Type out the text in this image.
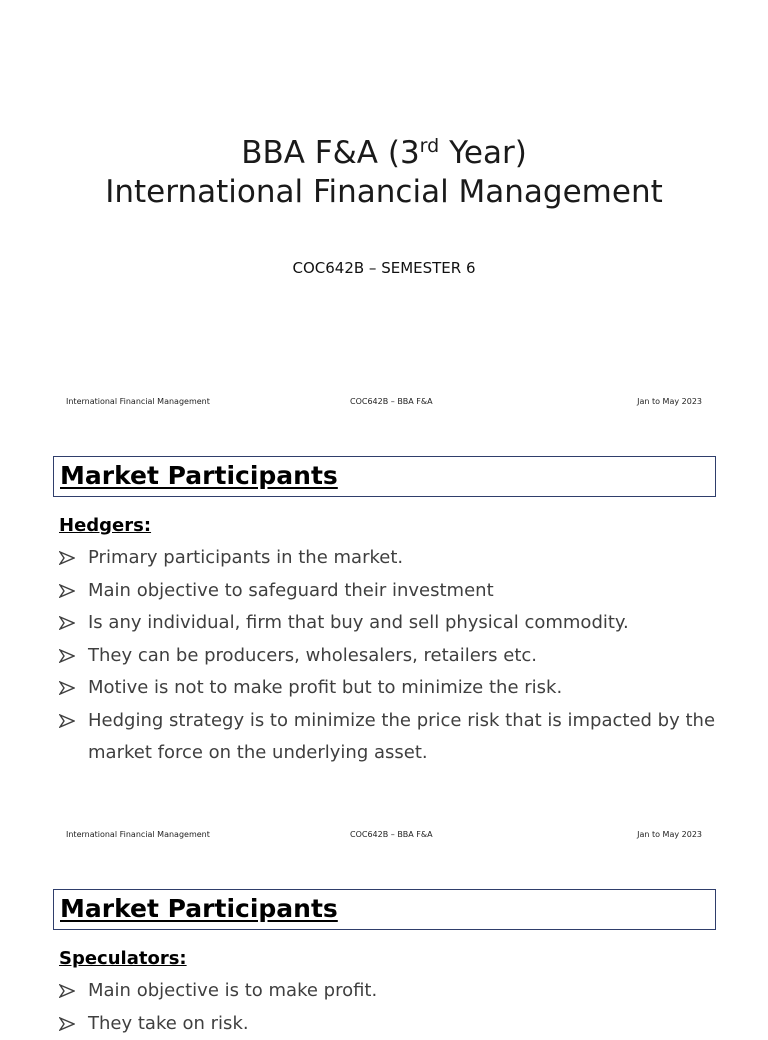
BBA F&A (3rd Year)
International Financial Management
COC642B – SEMESTER 6
International Financial Management	COC642B – BBA F&A	Jan to May 2023
Market Participants
Hedgers:
Primary participants in the market.
Main objective to safeguard their investment
Is any individual, firm that buy and sell physical commodity.
They can be producers, wholesalers, retailers etc.
Motive is not to make profit but to minimize the risk.
Hedging strategy is to minimize the price risk that is impacted by the market force on the underlying asset.
International Financial Management	COC642B – BBA F&A	Jan to May 2023
Market Participants
Speculators:
Main objective is to make profit.
They take on risk.
